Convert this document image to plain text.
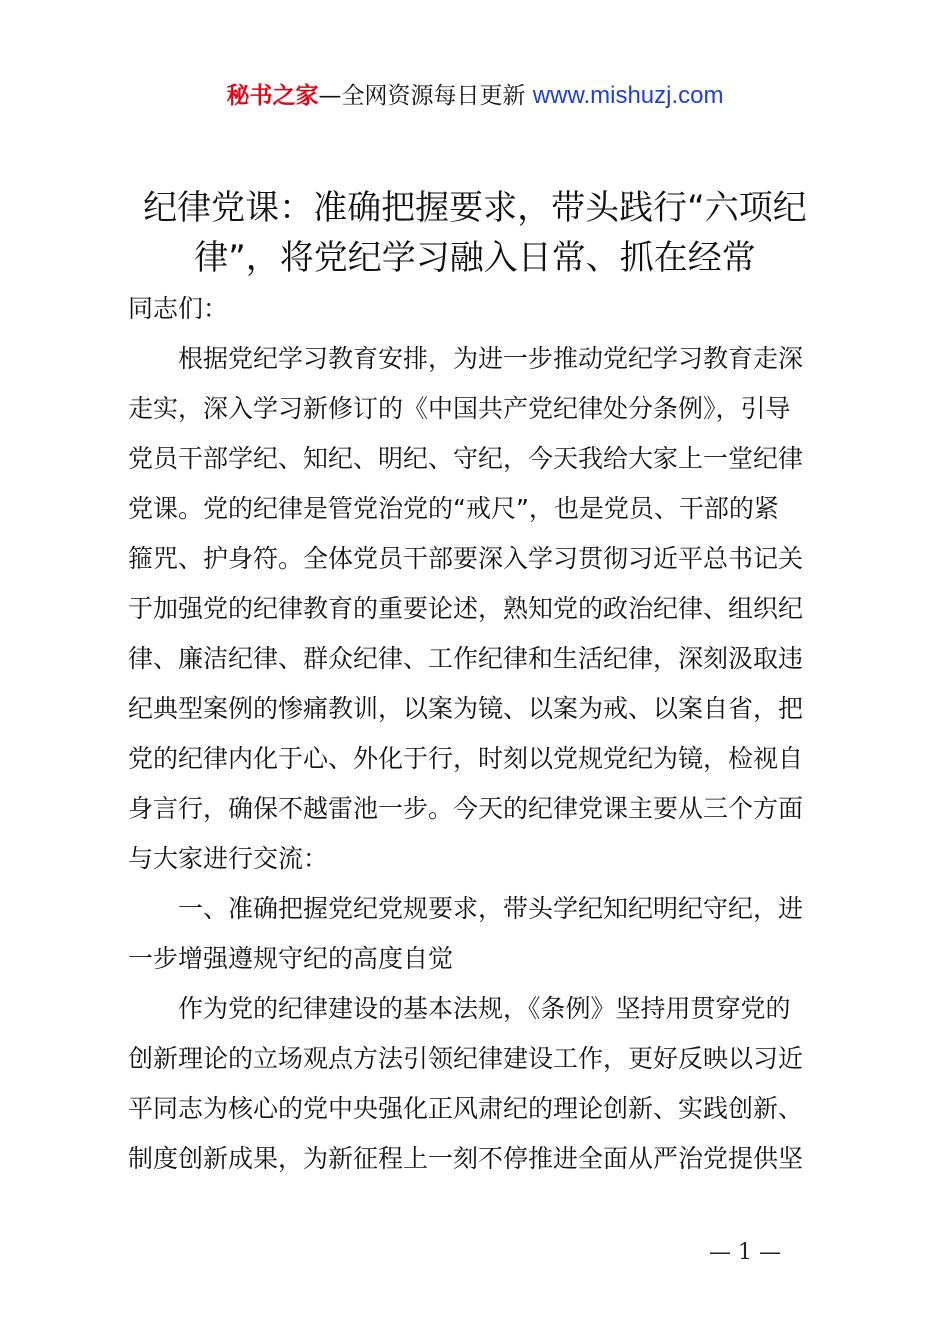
秘书之家—全网资源每日更新 www.mishuzj.com
纪律党课：准确把握要求，带头践行“六项纪
律”，将党纪学习融入日常、抓在经常
同志们：
根据党纪学习教育安排，为进一步推动党纪学习教育走深
走实，深入学习新修订的《中国共产党纪律处分条例》，引导
党员干部学纪、知纪、明纪、守纪，今天我给大家上一堂纪律
党课。党的纪律是管党治党的“戒尺”，也是党员、干部的紧
箍咒、护身符。全体党员干部要深入学习贯彻习近平总书记关
于加强党的纪律教育的重要论述，熟知党的政治纪律、组织纪
律、廉洁纪律、群众纪律、工作纪律和生活纪律，深刻汲取违
纪典型案例的惨痛教训，以案为镜、以案为戒、以案自省，把
党的纪律内化于心、外化于行，时刻以党规党纪为镜，检视自
身言行，确保不越雷池一步。今天的纪律党课主要从三个方面
与大家进行交流：
一、准确把握党纪党规要求，带头学纪知纪明纪守纪，进
一步增强遵规守纪的高度自觉
作为党的纪律建设的基本法规，《条例》坚持用贯穿党的
创新理论的立场观点方法引领纪律建设工作，更好反映以习近
平同志为核心的党中央强化正风肃纪的理论创新、实践创新、
制度创新成果，为新征程上一刻不停推进全面从严治党提供坚
— 1 —
